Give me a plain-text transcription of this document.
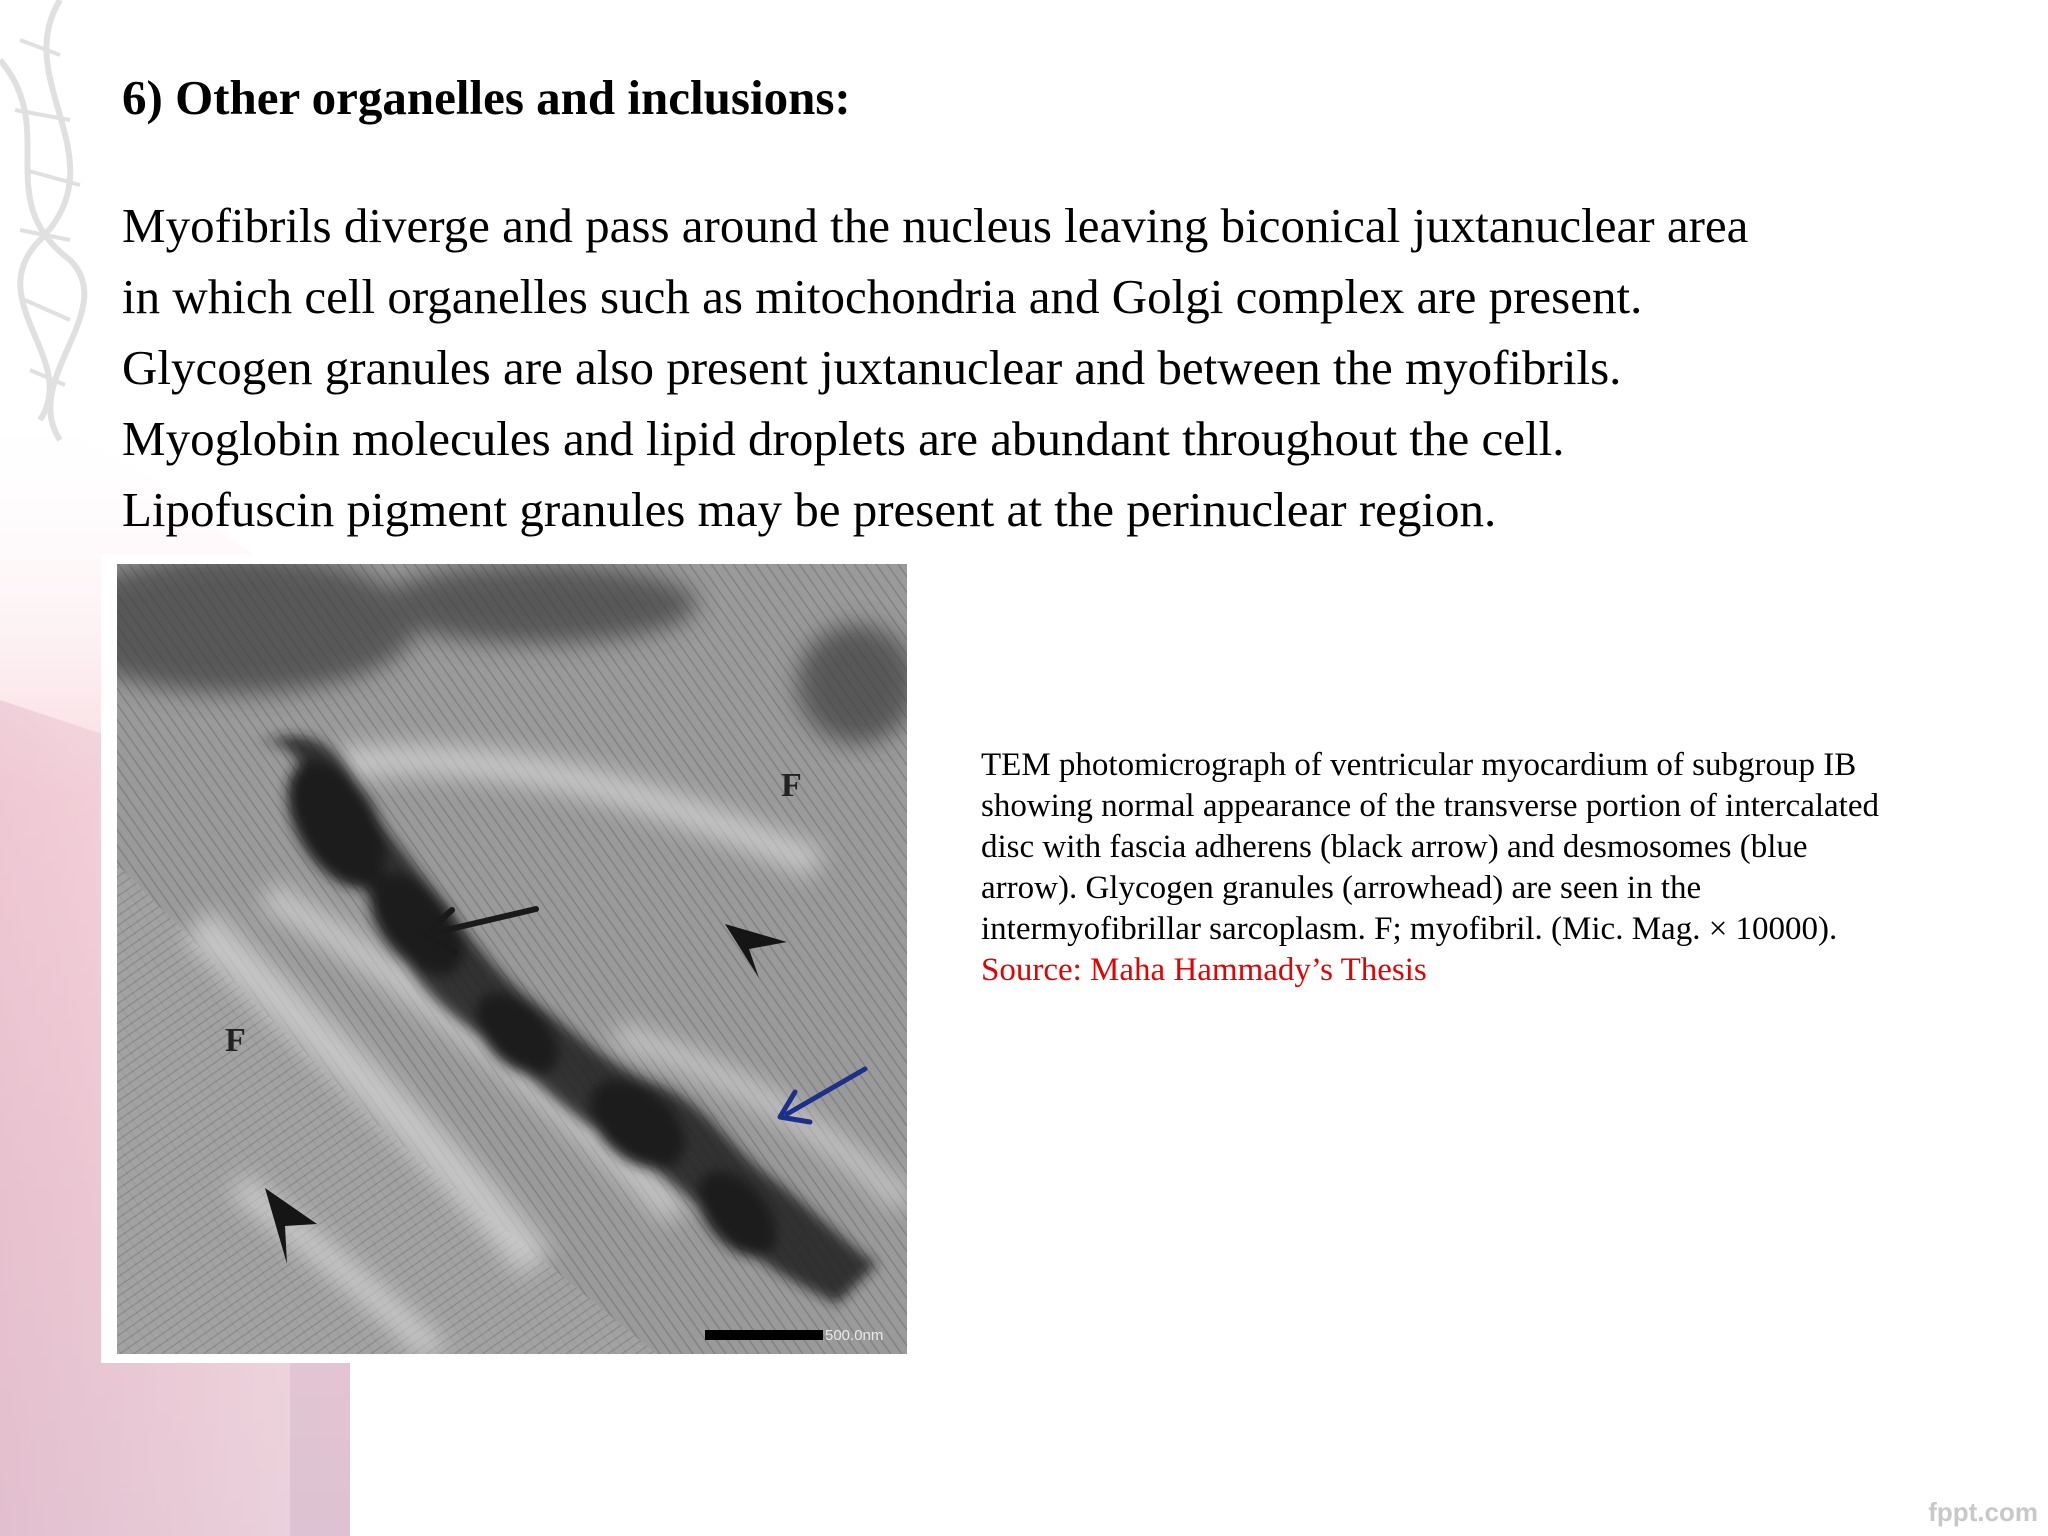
6) Other organelles and inclusions:
Myofibrils diverge and pass around the nucleus leaving biconical juxtanuclear area
in which cell organelles such as mitochondria and Golgi complex are present.
Glycogen granules are also present juxtanuclear and between the myofibrils.
Myoglobin molecules and lipid droplets are abundant throughout the cell.
Lipofuscin pigment granules may be present at the perinuclear region.
F
F
500.0nm
TEM photomicrograph of ventricular myocardium of subgroup IB
showing normal appearance of the transverse portion of intercalated
disc with fascia adherens (black arrow) and desmosomes (blue
arrow). Glycogen granules (arrowhead) are seen in the
intermyofibrillar sarcoplasm. F; myofibril. (Mic. Mag. × 10000).
Source: Maha Hammady’s Thesis
fppt.com
